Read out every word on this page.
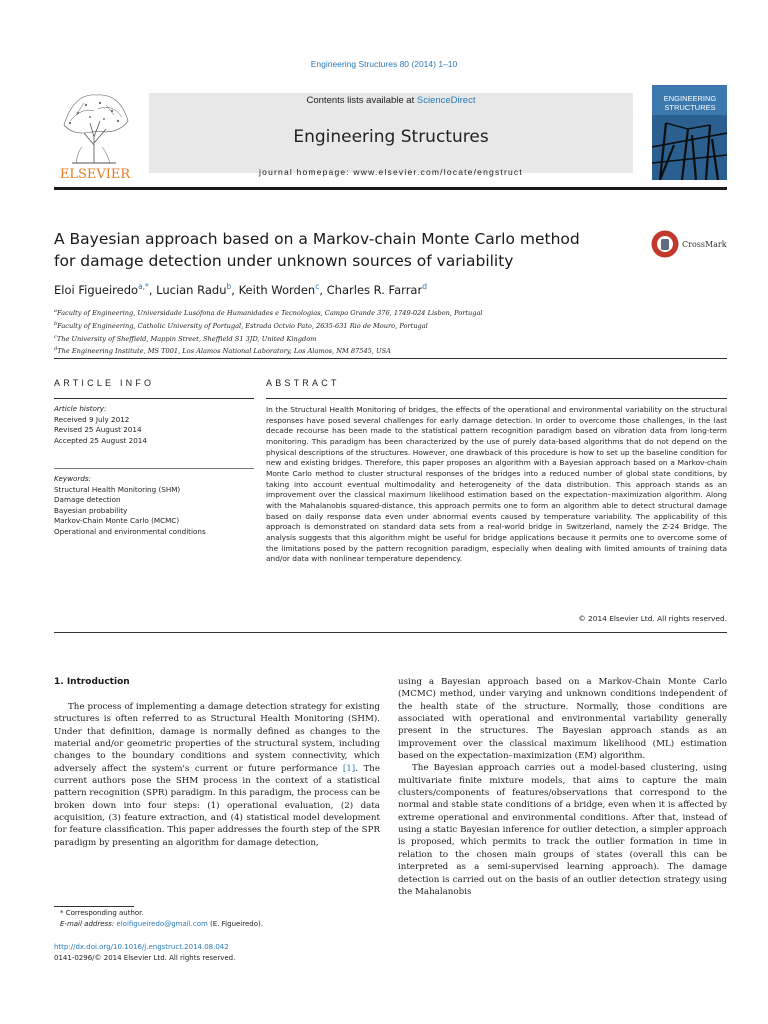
Engineering Structures 80 (2014) 1–10
ELSEVIER
Contents lists available at ScienceDirect
Engineering Structures
journal homepage: www.elsevier.com/locate/engstruct
ENGINEERING
STRUCTURES
A Bayesian approach based on a Markov-chain Monte Carlo method
for damage detection under unknown sources of variability
CrossMark
Eloi Figueiredo$^{a,*}$, Lucian Radu$^b$, Keith Worden$^c$, Charles R. Farrar$^d$
$^a$Faculty of Engineering, Universidade Lusófona de Humanidades e Tecnologias, Campo Grande 376, 1749-024 Lisbon, Portugal
$^b$Faculty of Engineering, Catholic University of Portugal, Estrada Octvio Pato, 2635-631 Rio de Mouro, Portugal
$^c$The University of Sheffield, Mappin Street, Sheffield S1 3JD, United Kingdom
$^d$The Engineering Institute, MS T001, Los Alamos National Laboratory, Los Alamos, NM 87545, USA
ARTICLE INFO
Article history:
Received 9 July 2012
Revised 25 August 2014
Accepted 25 August 2014
Keywords:
Structural Health Monitoring (SHM)
Damage detection
Bayesian probability
Markov-Chain Monte Carlo (MCMC)
Operational and environmental conditions
ABSTRACT
In the Structural Health Monitoring of bridges, the effects of the operational and environmental variability on the structural responses have posed several challenges for early damage detection. In order to overcome those challenges, in the last decade recourse has been made to the statistical pattern recognition paradigm based on vibration data from long-term monitoring. This paradigm has been characterized by the use of purely data-based algorithms that do not depend on the physical descriptions of the structures. However, one drawback of this procedure is how to set up the baseline condition for new and existing bridges. Therefore, this paper proposes an algorithm with a Bayesian approach based on a Markov-chain Monte Carlo method to cluster structural responses of the bridges into a reduced number of global state conditions, by taking into account eventual multimodality and heterogeneity of the data distribution. This approach stands as an improvement over the classical maximum likelihood estimation based on the expectation–maximization algorithm. Along with the Mahalanobis squared-distance, this approach permits one to form an algorithm able to detect structural damage based on daily response data even under abnormal events caused by temperature variability. The applicability of this approach is demonstrated on standard data sets from a real-world bridge in Switzerland, namely the Z-24 Bridge. The analysis suggests that this algorithm might be useful for bridge applications because it permits one to overcome some of the limitations posed by the pattern recognition paradigm, especially when dealing with limited amounts of training data and/or data with nonlinear temperature dependency.
© 2014 Elsevier Ltd. All rights reserved.
1. Introduction

The process of implementing a damage detection strategy for existing structures is often referred to as Structural Health Monitoring (SHM). Under that definition, damage is normally defined as changes to the material and/or geometric properties of the structural system, including changes to the boundary conditions and system connectivity, which adversely affect the system's current or future performance [1]. The current authors pose the SHM process in the context of a statistical pattern recognition (SPR) paradigm. In this paradigm, the process can be broken down into four steps: (1) operational evaluation, (2) data acquisition, (3) feature extraction, and (4) statistical model development for feature classification. This paper addresses the fourth step of the SPR paradigm by presenting an algorithm for damage detection,

using a Bayesian approach based on a Markov-Chain Monte Carlo (MCMC) method, under varying and unknown conditions independent of the health state of the structure. Normally, those conditions are associated with operational and environmental variability generally present in the structures. The Bayesian approach stands as an improvement over the classical maximum likelihood (ML) estimation based on the expectation–maximization (EM) algorithm.

The Bayesian approach carries out a model-based clustering, using multivariate finite mixture models, that aims to capture the main clusters/components of features/observations that correspond to the normal and stable state conditions of a bridge, even when it is affected by extreme operational and environmental conditions. After that, instead of using a static Bayesian inference for outlier detection, a simpler approach is proposed, which permits to track the outlier formation in time in relation to the chosen main groups of states (overall this can be interpreted as a semi-supervised learning approach). The damage detection is carried out on the basis of an outlier detection strategy using the Mahalanobis

* Corresponding author.
E-mail address: eloifigueiredo@gmail.com (E. Figueiredo).
http://dx.doi.org/10.1016/j.engstruct.2014.08.042
0141-0296/© 2014 Elsevier Ltd. All rights reserved.
